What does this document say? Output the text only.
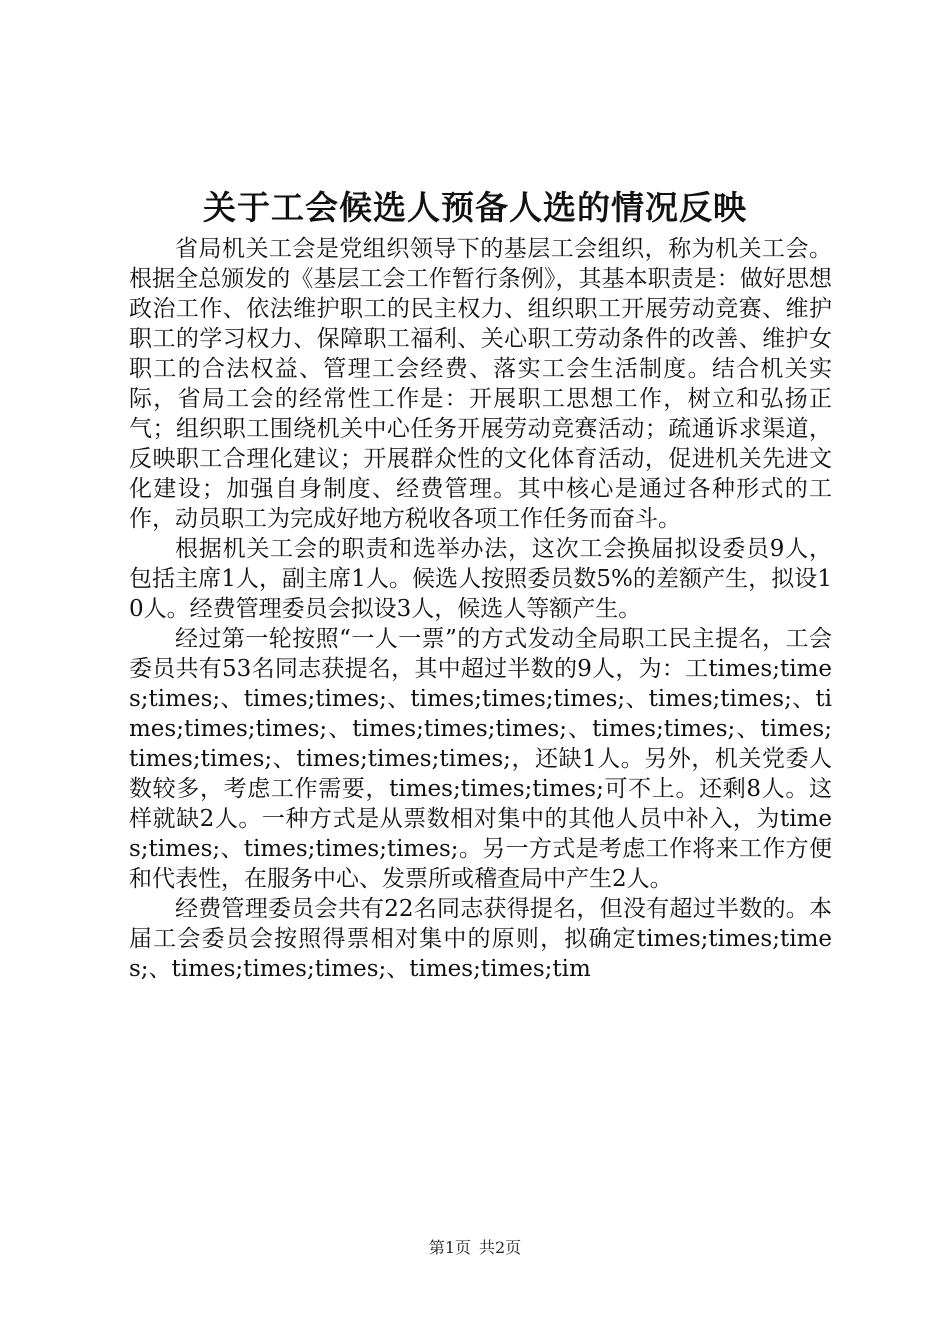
关于工会候选人预备人选的情况反映

省局机关工会是党组织领导下的基层工会组织，称为机关工会。根据全总颁发的《基层工会工作暂行条例》，其基本职责是：做好思想政治工作、依法维护职工的民主权力、组织职工开展劳动竞赛、维护职工的学习权力、保障职工福利、关心职工劳动条件的改善、维护女职工的合法权益、管理工会经费、落实工会生活制度。结合机关实际，省局工会的经常性工作是：开展职工思想工作，树立和弘扬正气；组织职工围绕机关中心任务开展劳动竞赛活动；疏通诉求渠道，反映职工合理化建议；开展群众性的文化体育活动，促进机关先进文化建设；加强自身制度、经费管理。其中核心是通过各种形式的工作，动员职工为完成好地方税收各项工作任务而奋斗。

根据机关工会的职责和选举办法，这次工会换届拟设委员9人，包括主席1人，副主席1人。候选人按照委员数5%的差额产生，拟设10人。经费管理委员会拟设3人，候选人等额产生。

经过第一轮按照“一人一票”的方式发动全局职工民主提名，工会委员共有53名同志获提名，其中超过半数的9人，为：工times;times;times;、times;times;、times;times;times;、times;times;、times;times;times;、times;times;times;、times;times;、times;times;times;、times;times;times;，还缺1人。另外，机关党委人数较多，考虑工作需要，times;times;times;可不上。还剩8人。这样就缺2人。一种方式是从票数相对集中的其他人员中补入，为times;times;、times;times;times;。另一方式是考虑工作将来工作方便和代表性，在服务中心、发票所或稽查局中产生2人。

经费管理委员会共有22名同志获得提名，但没有超过半数的。本届工会委员会按照得票相对集中的原则，拟确定times;times;times;、times;times;times;、times;times;tim

第1页 共2页
